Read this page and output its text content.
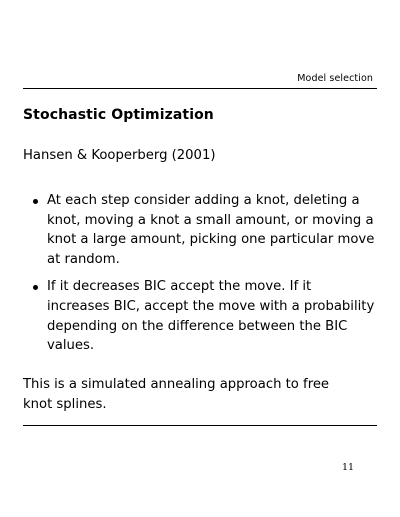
Model selection
Stochastic Optimization

Hansen & Kooperberg (2001)

At each step consider adding a knot, deleting a knot, moving a knot a small amount, or moving a knot a large amount, picking one particular move at random.
If it decreases BIC accept the move. If it increases BIC, accept the move with a probability depending on the difference between the BIC values.

This is a simulated annealing approach to free knot splines.

11
